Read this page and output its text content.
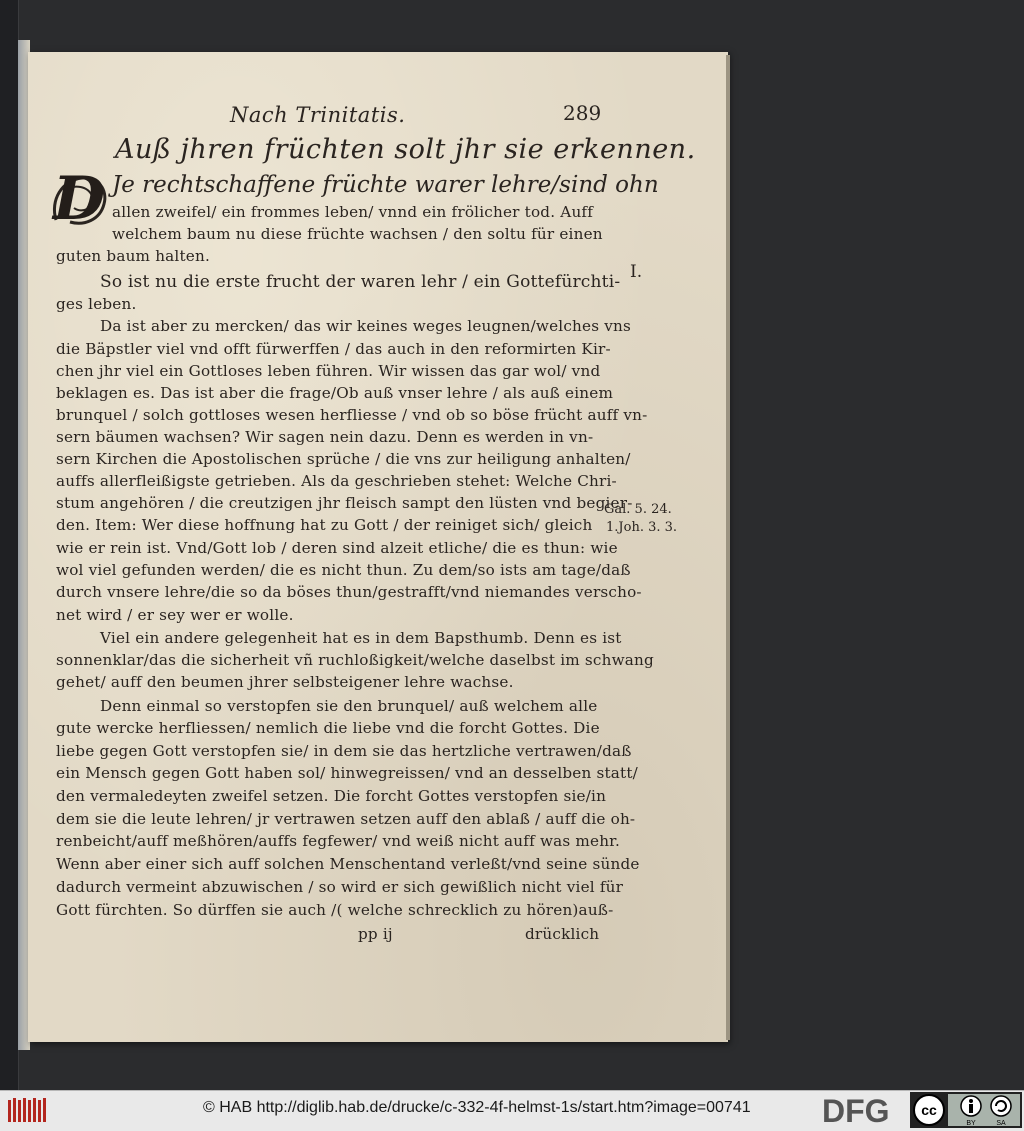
Nach Trinitatis.	289
Auß jhren früchten solt jhr sie erkennen.
D Je rechtschaffene früchte warer lehre/sind ohn
allen zweifel/ ein frommes leben/ vnnd ein frölicher tod. Auff
welchem baum nu diese früchte wachsen / den soltu für einen
guten baum halten.
So ist nu die erste frucht der waren lehr / ein Gottefürchti-
ges leben.
Da ist aber zu mercken/ das wir keines weges leugnen/welches vns
die Bäpstler viel vnd offt fürwerffen / das auch in den reformirten Kir-
chen jhr viel ein Gottloses leben führen. Wir wissen das gar wol/ vnd
beklagen es. Das ist aber die frage/Ob auß vnser lehre / als auß einem
brunquel / solch gottloses wesen herfliesse / vnd ob so böse frücht auff vn-
sern bäumen wachsen? Wir sagen nein dazu. Denn es werden in vn-
sern Kirchen die Apostolischen sprüche / die vns zur heiligung anhalten/
auffs allerfleißigste getrieben. Als da geschrieben stehet: Welche Chri-
stum angehören / die creutzigen jhr fleisch sampt den lüsten vnd begier-
den. Item: Wer diese hoffnung hat zu Gott / der reiniget sich/ gleich
wie er rein ist. Vnd/Gott lob / deren sind alzeit etliche/ die es thun: wie
wol viel gefunden werden/ die es nicht thun. Zu dem/so ists am tage/daß
durch vnsere lehre/die so da böses thun/gestrafft/vnd niemandes verscho-
net wird / er sey wer er wolle.
Viel ein andere gelegenheit hat es in dem Bapsthumb. Denn es ist
sonnenklar/das die sicherheit vñ ruchloßigkeit/welche daselbst im schwang
gehet/ auff den beumen jhrer selbsteigener lehre wachse.
Denn einmal so verstopfen sie den brunquel/ auß welchem alle
gute wercke herfliessen/ nemlich die liebe vnd die forcht Gottes. Die
liebe gegen Gott verstopfen sie/ in dem sie das hertzliche vertrawen/daß
ein Mensch gegen Gott haben sol/ hinwegreissen/ vnd an desselben statt/
den vermaledeyten zweifel setzen. Die forcht Gottes verstopfen sie/in
dem sie die leute lehren/ jr vertrawen setzen auff den ablaß / auff die oh-
renbeicht/auff meßhören/auffs fegfewer/ vnd weiß nicht auff was mehr.
Wenn aber einer sich auff solchen Menschentand verleßt/vnd seine sünde
dadurch vermeint abzuwischen / so wird er sich gewißlich nicht viel für
Gott fürchten. So dürffen sie auch /( welche schrecklich zu hören)auß-
pp ij	drücklich
I.
Gal. 5. 24.
1.Joh. 3. 3.
© HAB http://diglib.hab.de/drucke/c-332-4f-helmst-1s/start.htm?image=00741 DFG cc
BY	SA
